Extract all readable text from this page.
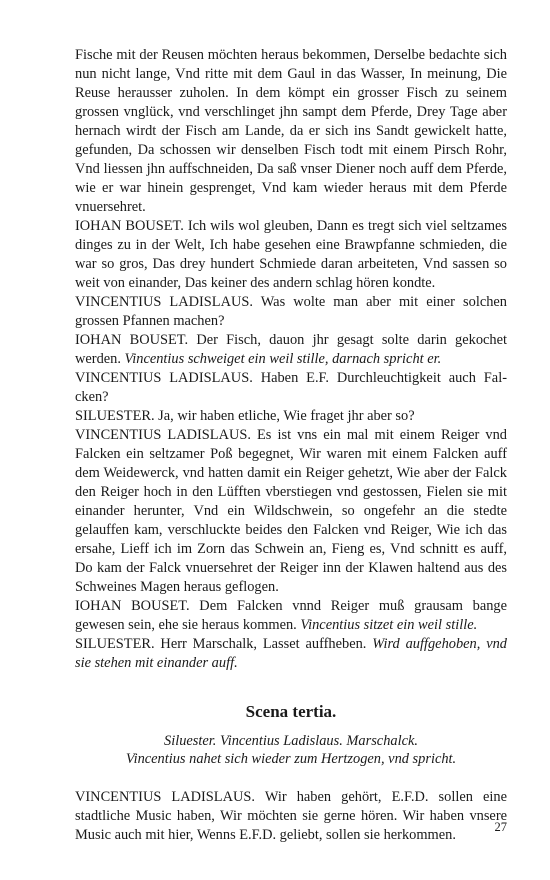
Fische mit der Reusen möchten heraus bekommen, Derselbe bedachte sich nun nicht lange, Vnd ritte mit dem Gaul in das Wasser, In meinung, Die Reuse herausser zuholen. In dem kömpt ein grosser Fisch zu seinem grossen vnglück, vnd verschlinget jhn sampt dem Pferde, Drey Tage aber hernach wirdt der Fisch am Lande, da er sich ins Sandt gewickelt hatte, gefunden, Da schossen wir denselben Fisch todt mit einem Pirsch Rohr, Vnd liessen jhn auffschneiden, Da saß vnser Diener noch auff dem Pferde, wie er war hinein gesprenget, Vnd kam wieder heraus mit dem Pferde vnuersehret.

IOHAN BOUSET. Ich wils wol gleuben, Dann es tregt sich viel seltzames dinges zu in der Welt, Ich habe gesehen eine Brawpfanne schmieden, die war so gros, Das drey hundert Schmiede daran arbeiteten, Vnd sassen so weit von einander, Das keiner des andern schlag hören kondte.

VINCENTIUS LADISLAUS. Was wolte man aber mit einer solchen grossen Pfannen machen?

IOHAN BOUSET. Der Fisch, dauon jhr gesagt solte darin gekochet werden. Vincentius schweiget ein weil stille, darnach spricht er.

VINCENTIUS LADISLAUS. Haben E.F. Durchleuchtigkeit auch Falcken?

SILUESTER. Ja, wir haben etliche, Wie fraget jhr aber so?

VINCENTIUS LADISLAUS. Es ist vns ein mal mit einem Reiger vnd Falcken ein seltzamer Poß begegnet, Wir waren mit einem Falcken auff dem Weidewerck, vnd hatten damit ein Reiger gehetzt, Wie aber der Falck den Reiger hoch in den Lüfften vberstiegen vnd gestossen, Fielen sie mit einander herunter, Vnd ein Wildschwein, so ongefehr an die stedte gelauffen kam, verschluckte beides den Falcken vnd Reiger, Wie ich das ersahe, Lieff ich im Zorn das Schwein an, Fieng es, Vnd schnitt es auff, Do kam der Falck vnuersehret der Reiger inn der Klawen haltend aus des Schweines Magen heraus geflogen.

IOHAN BOUSET. Dem Falcken vnnd Reiger muß grausam bange gewesen sein, ehe sie heraus kommen. Vincentius sitzet ein weil stille.

SILUESTER. Herr Marschalk, Lasset auffheben. Wird auffgehoben, vnd sie stehen mit einander auff.

Scena tertia.

Siluester. Vincentius Ladislaus. Marschalck.

Vincentius nahet sich wieder zum Hertzogen, vnd spricht.

VINCENTIUS LADISLAUS. Wir haben gehört, E.F.D. sollen eine stadtliche Music haben, Wir möchten sie gerne hören. Wir haben vnsere Music auch mit hier, Wenns E.F.D. geliebt, sollen sie herkommen.	27
